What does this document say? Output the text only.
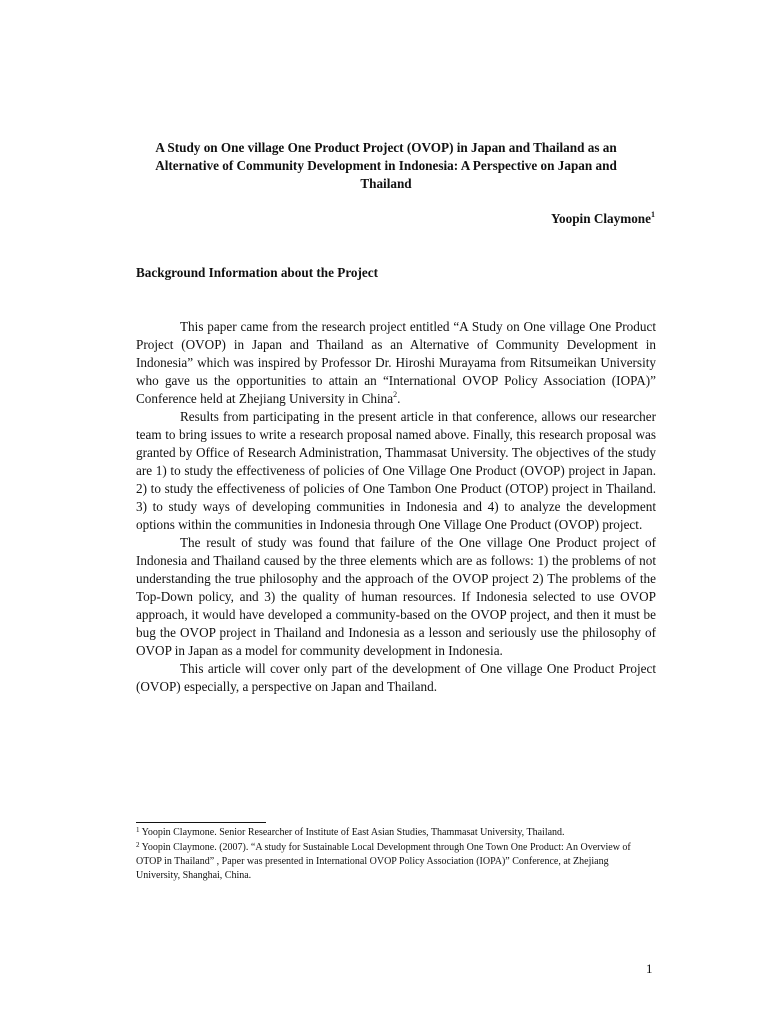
A Study on One village One Product Project (OVOP) in Japan and Thailand as an Alternative of Community Development in Indonesia: A Perspective on Japan and Thailand
Yoopin Claymone$^1$
Background Information about the Project

This paper came from the research project entitled “A Study on One village One Product Project (OVOP) in Japan and Thailand as an Alternative of Community Development in Indonesia” which was inspired by Professor Dr. Hiroshi Murayama from Ritsumeikan University who gave us the opportunities to attain an “International OVOP Policy Association (IOPA)” Conference held at Zhejiang University in China$^2$.

Results from participating in the present article in that conference, allows our researcher team to bring issues to write a research proposal named above. Finally, this research proposal was granted by Office of Research Administration, Thammasat University. The objectives of the study are 1) to study the effectiveness of policies of One Village One Product (OVOP) project in Japan. 2) to study the effectiveness of policies of One Tambon One Product (OTOP) project in Thailand. 3) to study ways of developing communities in Indonesia and 4) to analyze the development options within the communities in Indonesia through One Village One Product (OVOP) project.

The result of study was found that failure of the One village One Product project of Indonesia and Thailand caused by the three elements which are as follows: 1) the problems of not understanding the true philosophy and the approach of the OVOP project 2) The problems of the Top-Down policy, and 3) the quality of human resources. If Indonesia selected to use OVOP approach, it would have developed a community-based on the OVOP project, and then it must be bug the OVOP project in Thailand and Indonesia as a lesson and seriously use the philosophy of OVOP in Japan as a model for community development in Indonesia.

This article will cover only part of the development of One village One Product Project (OVOP) especially, a perspective on Japan and Thailand.

$^1$ Yoopin Claymone. Senior Researcher of Institute of East Asian Studies, Thammasat University, Thailand.

$^2$ Yoopin Claymone. (2007). “A study for Sustainable Local Development through One Town One Product: An Overview of OTOP in Thailand” , Paper was presented in International OVOP Policy Association (IOPA)” Conference, at Zhejiang University, Shanghai, China.

1
